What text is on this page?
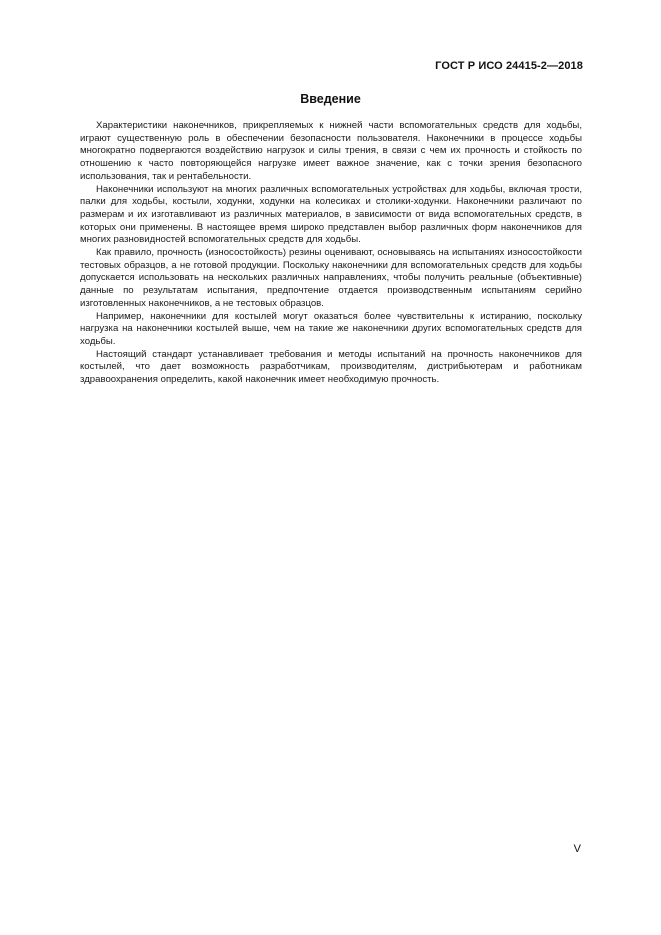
ГОСТ Р ИСО 24415-2—2018
Введение

Характеристики наконечников, прикрепляемых к нижней части вспомогательных средств для ходьбы, играют существенную роль в обеспечении безопасности пользователя. Наконечники в процессе ходьбы многократно подвергаются воздействию нагрузок и силы трения, в связи с чем их прочность и стойкость по отношению к часто повторяющейся нагрузке имеет важное значение, как с точки зрения безопасного использования, так и рентабельности.

Наконечники используют на многих различных вспомогательных устройствах для ходьбы, включая трости, палки для ходьбы, костыли, ходунки, ходунки на колесиках и столики-ходунки. Наконечники различают по размерам и их изготавливают из различных материалов, в зависимости от вида вспомогательных средств, в которых они применены. В настоящее время широко представлен выбор различных форм наконечников для многих разновидностей вспомогательных средств для ходьбы.

Как правило, прочность (износостойкость) резины оценивают, основываясь на испытаниях износостойкости тестовых образцов, а не готовой продукции. Поскольку наконечники для вспомогательных средств для ходьбы допускается использовать на нескольких различных направлениях, чтобы получить реальные (объективные) данные по результатам испытания, предпочтение отдается производственным испытаниям серийно изготовленных наконечников, а не тестовых образцов.

Например, наконечники для костылей могут оказаться более чувствительны к истиранию, поскольку нагрузка на наконечники костылей выше, чем на такие же наконечники других вспомогательных средств для ходьбы.

Настоящий стандарт устанавливает требования и методы испытаний на прочность наконечников для костылей, что дает возможность разработчикам, производителям, дистрибьютерам и работникам здравоохранения определить, какой наконечник имеет необходимую прочность.

V
